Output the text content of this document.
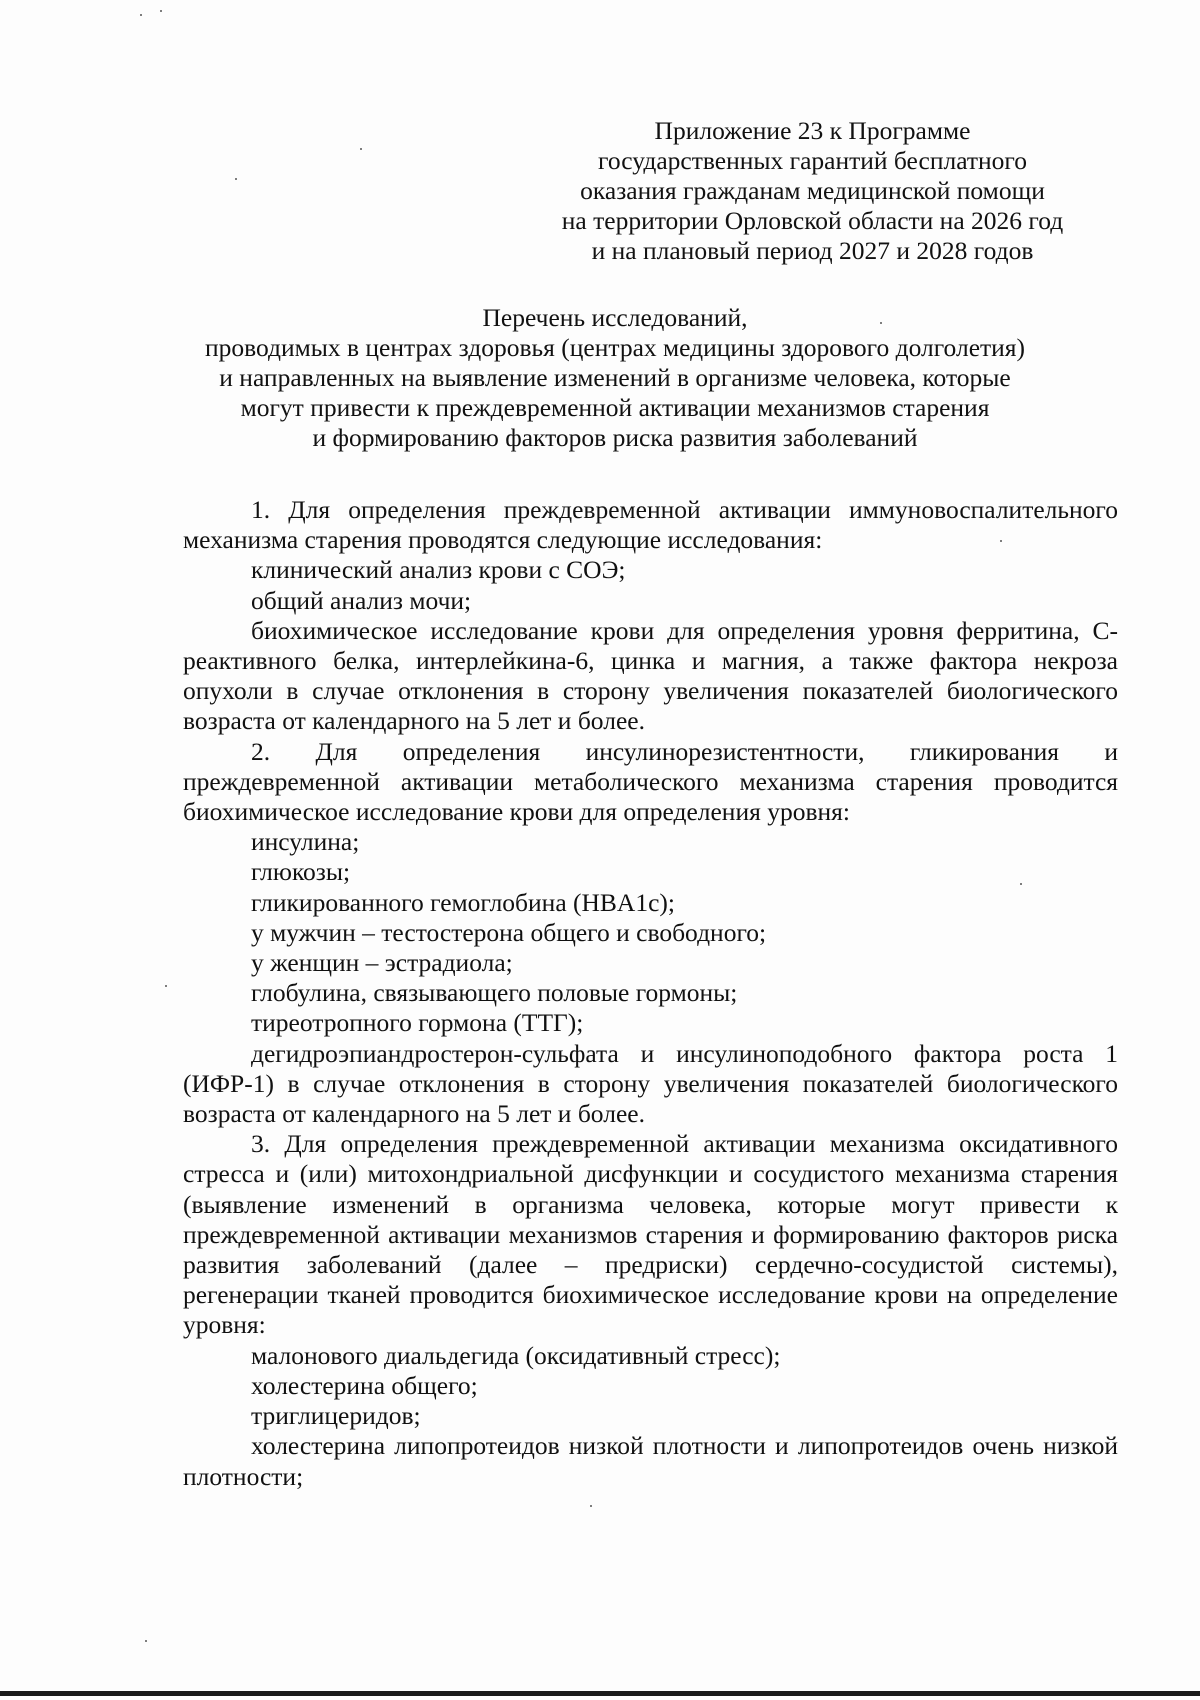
Приложение 23 к Программе
государственных гарантий бесплатного
оказания гражданам медицинской помощи
на территории Орловской области на 2026 год
и на плановый период 2027 и 2028 годов
Перечень исследований,
проводимых в центрах здоровья (центрах медицины здорового долголетия)
и направленных на выявление изменений в организме человека, которые
могут привести к преждевременной активации механизмов старения
и формированию факторов риска развития заболеваний

1. Для определения преждевременной активации иммуновоспалительного механизма старения проводятся следующие исследования:

клинический анализ крови с СОЭ;

общий анализ мочи;

биохимическое исследование крови для определения уровня ферритина, С-реактивного белка, интерлейкина-6, цинка и магния, а также фактора некроза опухоли в случае отклонения в сторону увеличения показателей биологического возраста от календарного на 5 лет и более.

2. Для определения инсулинорезистентности, гликирования и преждевременной активации метаболического механизма старения проводится биохимическое исследование крови для определения уровня:

инсулина;

глюкозы;

гликированного гемоглобина (HBA1c);

у мужчин – тестостерона общего и свободного;

у женщин – эстрадиола;

глобулина, связывающего половые гормоны;

тиреотропного гормона (ТТГ);

дегидроэпиандростерон-сульфата и инсулиноподобного фактора роста 1 (ИФР-1) в случае отклонения в сторону увеличения показателей биологического возраста от календарного на 5 лет и более.

3. Для определения преждевременной активации механизма оксидативного стресса и (или) митохондриальной дисфункции и сосудистого механизма старения (выявление изменений в организма человека, которые могут привести к преждевременной активации механизмов старения и формированию факторов риска развития заболеваний (далее – предриски) сердечно-сосудистой системы), регенерации тканей проводится биохимическое исследование крови на определение уровня:

малонового диальдегида (оксидативный стресс);

холестерина общего;

триглицеридов;

холестерина липопротеидов низкой плотности и липопротеидов очень низкой плотности;
